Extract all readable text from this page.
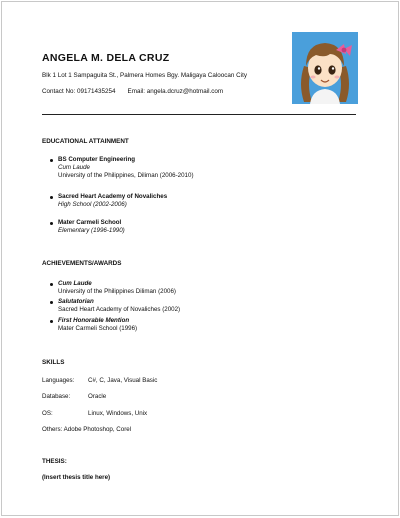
ANGELA M. DELA CRUZ
Blk 1 Lot 1 Sampaguita St., Palmera Homes Bgy. Maligaya Caloocan City
Contact No: 09171435254 Email: angela.dcruz@hotmail.com
EDUCATIONAL ATTAINMENT
BS Computer Engineering
Cum Laude
University of the Philippines, Diliman (2006-2010)
Sacred Heart Academy of Novaliches
High School (2002-2006)
Mater Carmeli School
Elementary (1996-1990)
ACHIEVEMENTS/AWARDS
Cum Laude
University of the Philippines Diliman (2006)
Salutatorian
Sacred Heart Academy of Novaliches (2002)
First Honorable Mention
Mater Carmeli School (1996)
SKILLS
Languages: C#, C, Java, Visual Basic
Database:	Oracle
OS:	Linux, Windows, Unix
Others: Adobe Photoshop, Corel
THESIS:
(Insert thesis title here)
